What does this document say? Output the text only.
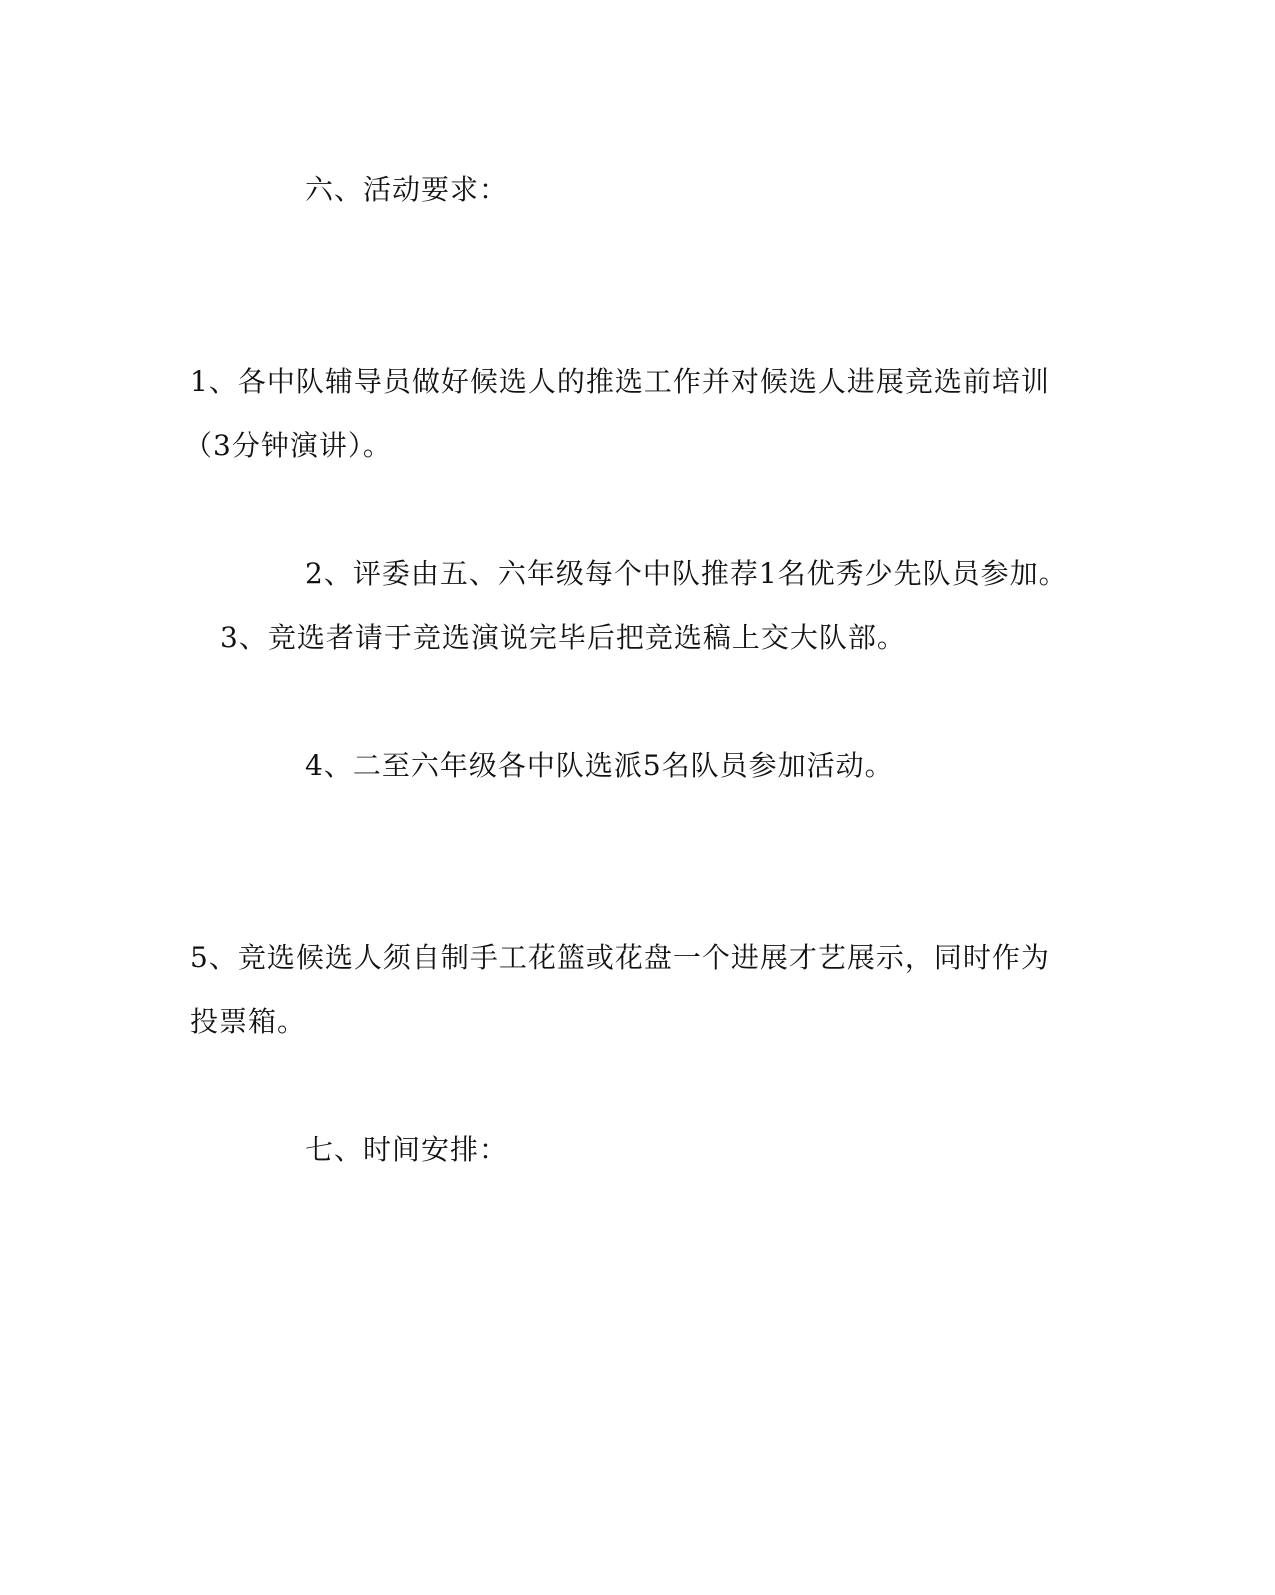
六、活动要求：
1、各中队辅导员做好候选人的推选工作并对候选人进展竞选前培训
（3分钟演讲）。
2、评委由五、六年级每个中队推荐1名优秀少先队员参加。
3、竞选者请于竞选演说完毕后把竞选稿上交大队部。
4、二至六年级各中队选派5名队员参加活动。
5、竞选候选人须自制手工花篮或花盘一个进展才艺展示，同时作为
投票箱。
七、时间安排：
